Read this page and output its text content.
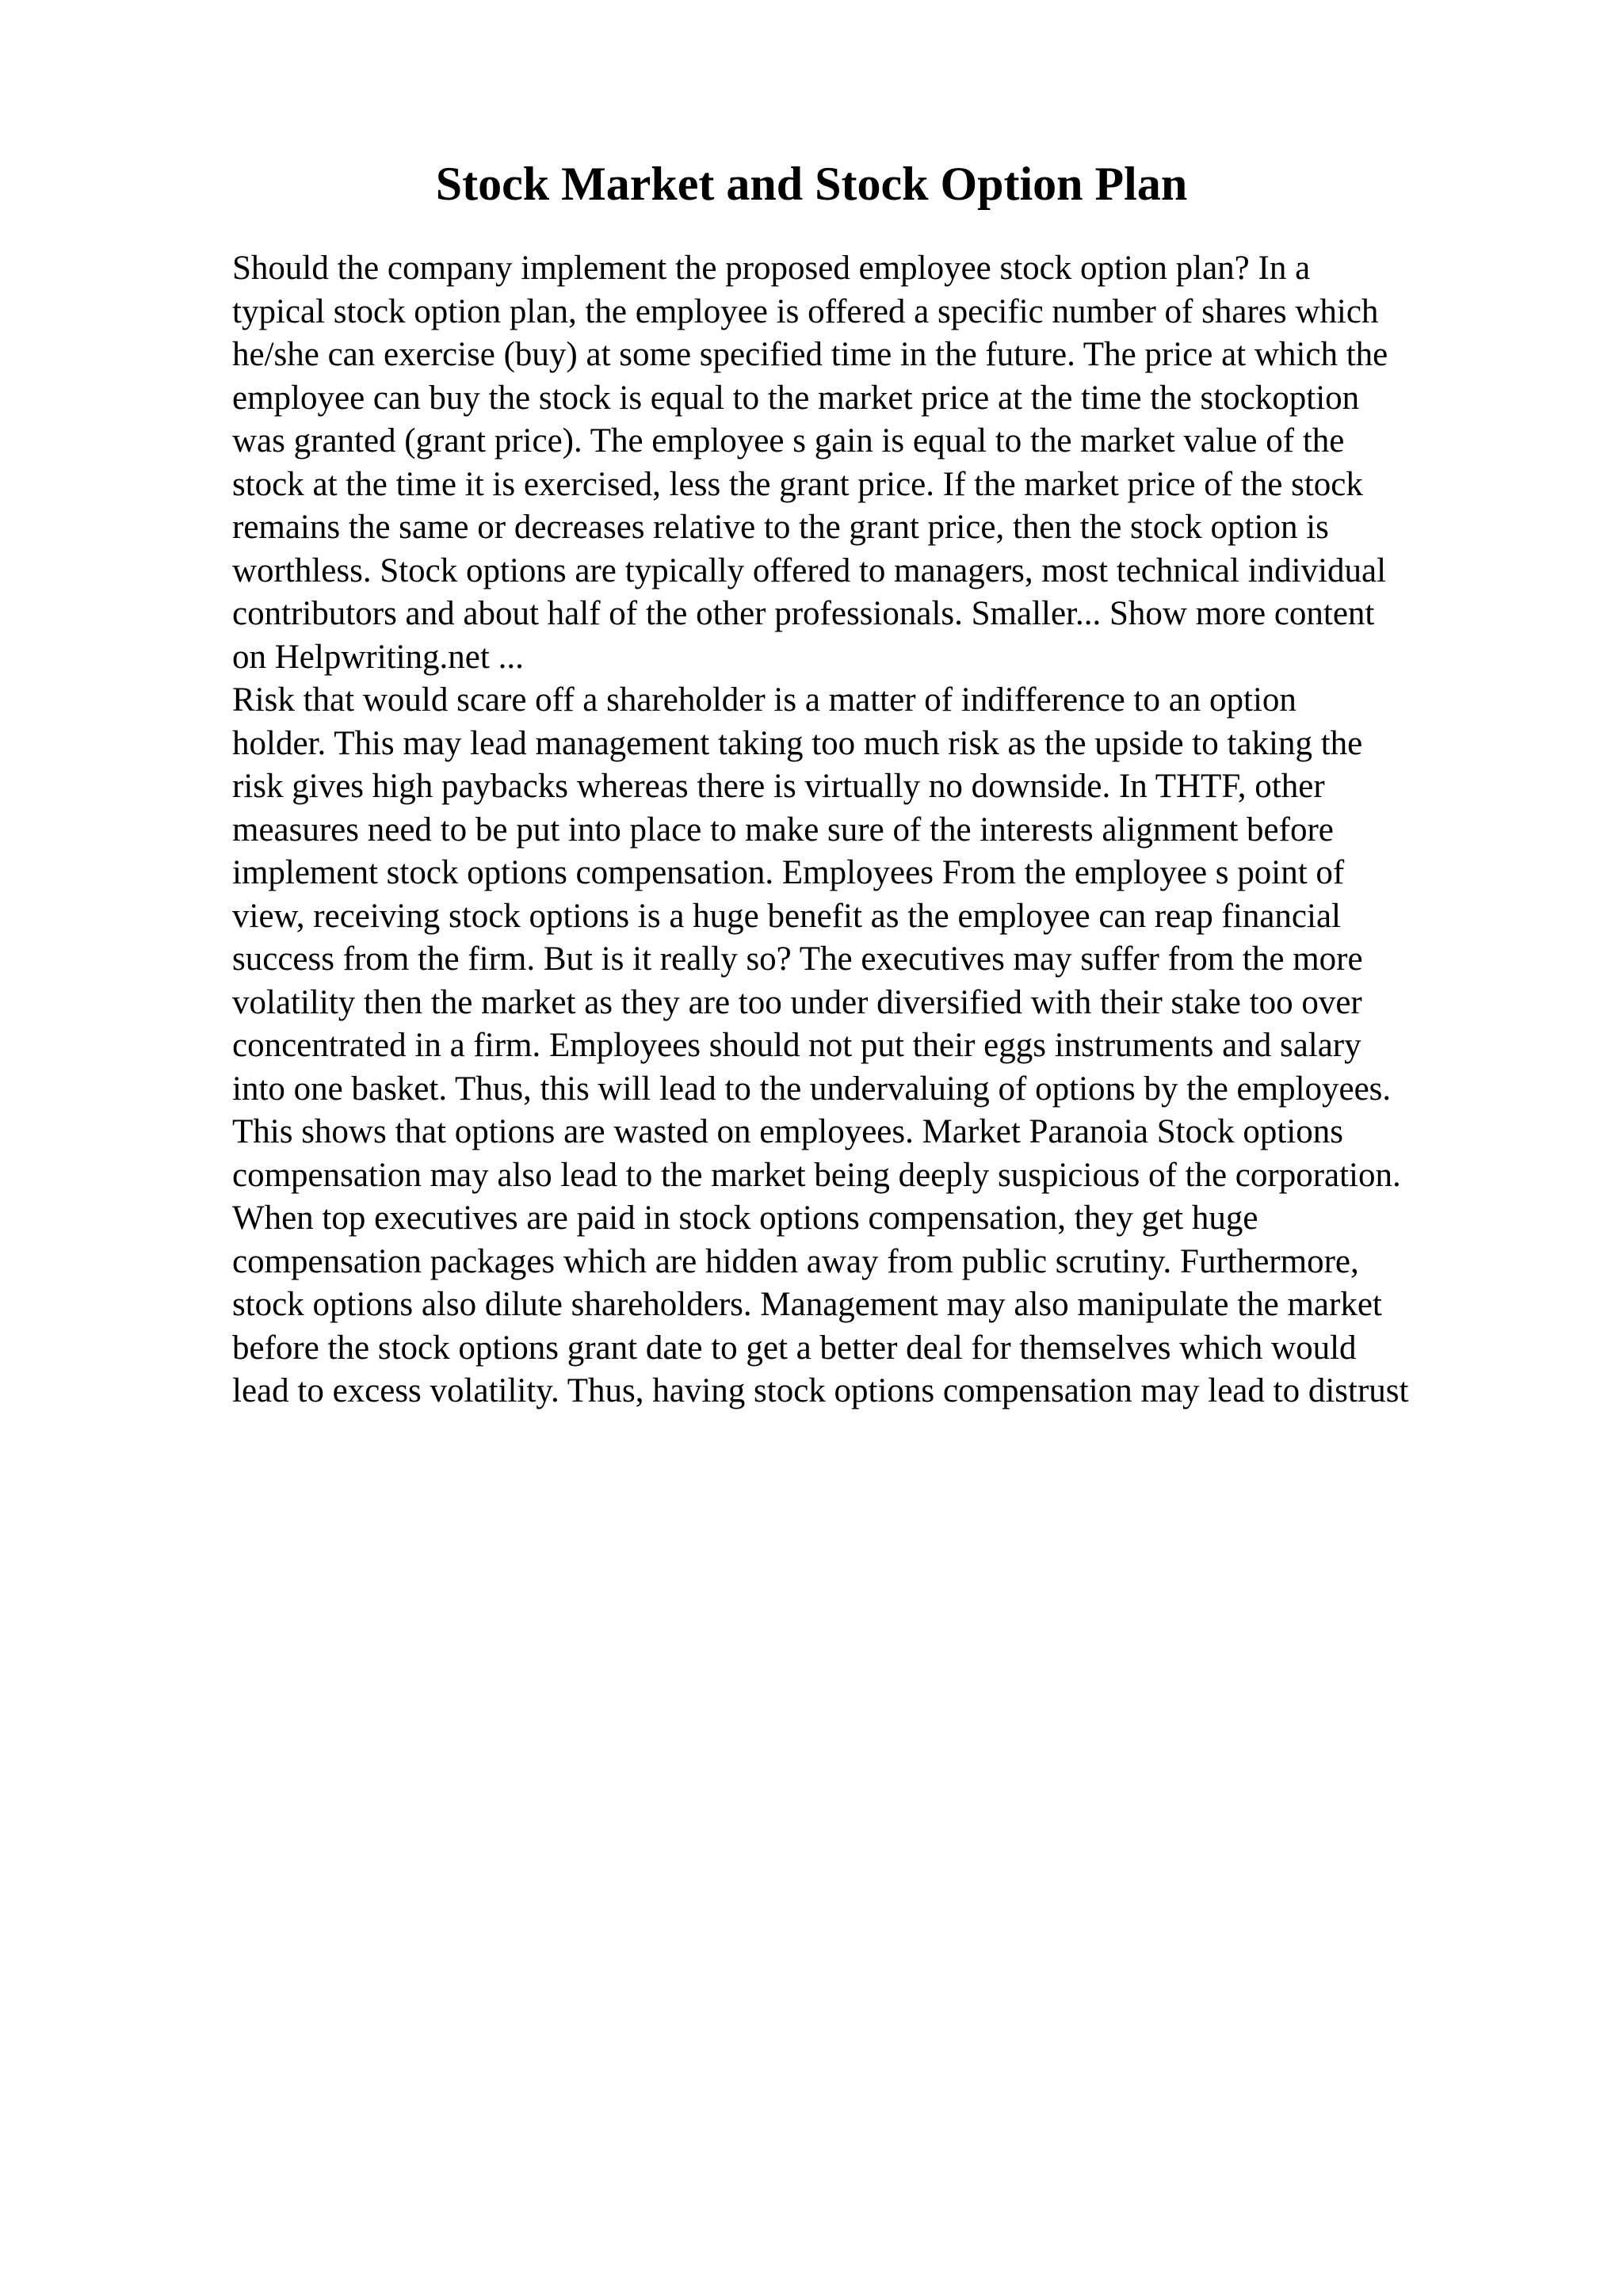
Stock Market and Stock Option Plan
Should the company implement the proposed employee stock option plan? In a
typical stock option plan, the employee is offered a specific number of shares which
he/she can exercise (buy) at some specified time in the future. The price at which the
employee can buy the stock is equal to the market price at the time the stockoption
was granted (grant price). The employee s gain is equal to the market value of the
stock at the time it is exercised, less the grant price. If the market price of the stock
remains the same or decreases relative to the grant price, then the stock option is
worthless. Stock options are typically offered to managers, most technical individual
contributors and about half of the other professionals. Smaller... Show more content
on Helpwriting.net ...
Risk that would scare off a shareholder is a matter of indifference to an option
holder. This may lead management taking too much risk as the upside to taking the
risk gives high paybacks whereas there is virtually no downside. In THTF, other
measures need to be put into place to make sure of the interests alignment before
implement stock options compensation. Employees From the employee s point of
view, receiving stock options is a huge benefit as the employee can reap financial
success from the firm. But is it really so? The executives may suffer from the more
volatility then the market as they are too under diversified with their stake too over
concentrated in a firm. Employees should not put their eggs instruments and salary
into one basket. Thus, this will lead to the undervaluing of options by the employees.
This shows that options are wasted on employees. Market Paranoia Stock options
compensation may also lead to the market being deeply suspicious of the corporation.
When top executives are paid in stock options compensation, they get huge
compensation packages which are hidden away from public scrutiny. Furthermore,
stock options also dilute shareholders. Management may also manipulate the market
before the stock options grant date to get a better deal for themselves which would
lead to excess volatility. Thus, having stock options compensation may lead to distrust
